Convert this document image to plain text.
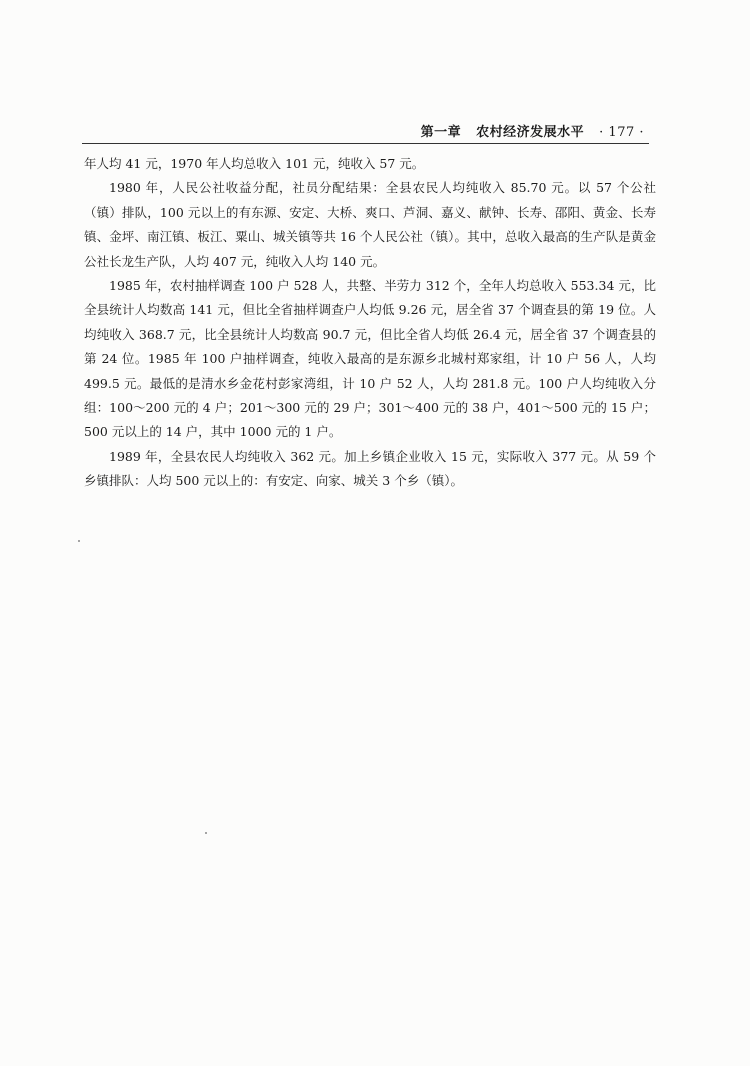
第一章 农村经济发展水平 · 177 ·

年人均 41 元，1970 年人均总收入 101 元，纯收入 57 元。

1980 年，人民公社收益分配，社员分配结果：全县农民人均纯收入 85.70 元。以 57 个公社（镇）排队，100 元以上的有东源、安定、大桥、爽口、芦洞、嘉义、献钟、长寿、邵阳、黄金、长寿镇、金坪、南江镇、板江、粟山、城关镇等共 16 个人民公社（镇）。其中，总收入最高的生产队是黄金公社长龙生产队，人均 407 元，纯收入人均 140 元。

1985 年，农村抽样调查 100 户 528 人，共整、半劳力 312 个，全年人均总收入 553.34 元，比全县统计人均数高 141 元，但比全省抽样调查户人均低 9.26 元，居全省 37 个调查县的第 19 位。人均纯收入 368.7 元，比全县统计人均数高 90.7 元，但比全省人均低 26.4 元，居全省 37 个调查县的第 24 位。1985 年 100 户抽样调查，纯收入最高的是东源乡北城村郑家组，计 10 户 56 人，人均 499.5 元。最低的是清水乡金花村彭家湾组，计 10 户 52 人，人均 281.8 元。100 户人均纯收入分组：100～200 元的 4 户；201～300 元的 29 户；301～400 元的 38 户，401～500 元的 15 户；500 元以上的 14 户，其中 1000 元的 1 户。

1989 年，全县农民人均纯收入 362 元。加上乡镇企业收入 15 元，实际收入 377 元。从 59 个乡镇排队：人均 500 元以上的：有安定、向家、城关 3 个乡（镇）。
